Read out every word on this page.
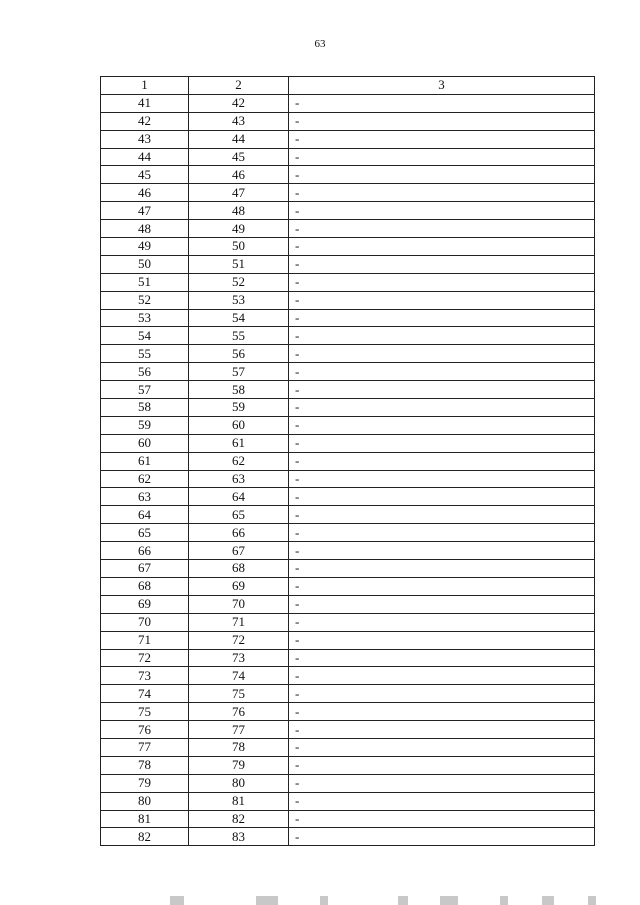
63
1	2	3
41	42	-
42	43	-
43	44	-
44	45	-
45	46	-
46	47	-
47	48	-
48	49	-
49	50	-
50	51	-
51	52	-
52	53	-
53	54	-
54	55	-
55	56	-
56	57	-
57	58	-
58	59	-
59	60	-
60	61	-
61	62	-
62	63	-
63	64	-
64	65	-
65	66	-
66	67	-
67	68	-
68	69	-
69	70	-
70	71	-
71	72	-
72	73	-
73	74	-
74	75	-
75	76	-
76	77	-
77	78	-
78	79	-
79	80	-
80	81	-
81	82	-
82	83	-
